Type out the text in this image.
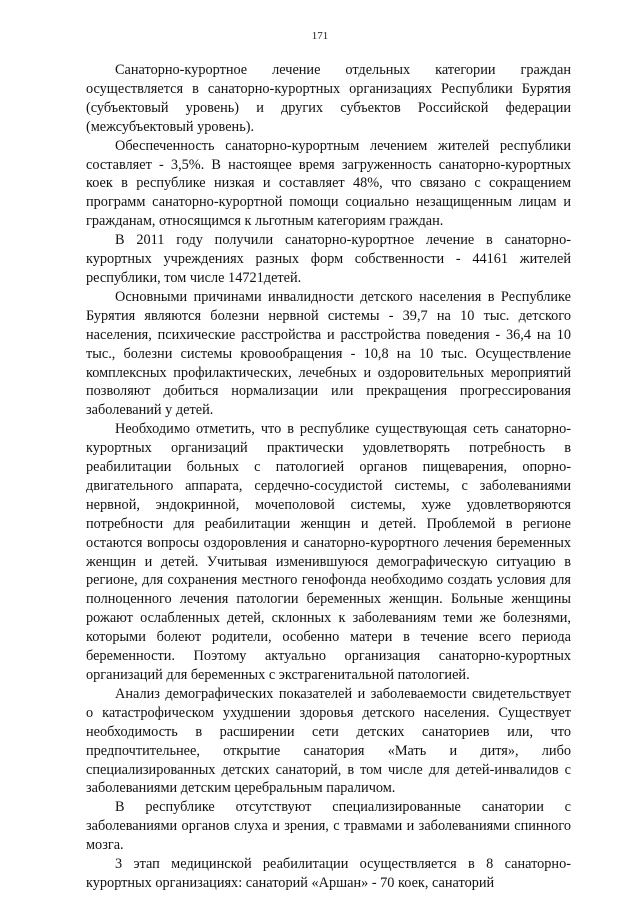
171

Санаторно-курортное лечение отдельных категории граждан осуществляется в санаторно-курортных организациях Республики Бурятия (субъектовый уровень) и других субъектов Российской федерации (межсубъектовый уровень).

Обеспеченность санаторно-курортным лечением жителей республики составляет - 3,5%. В настоящее время загруженность санаторно-курортных коек в республике низкая и составляет 48%, что связано с сокращением программ санаторно-курортной помощи социально незащищенным лицам и гражданам, относящимся к льготным категориям граждан.

В 2011 году получили санаторно-курортное лечение в санаторно-курортных учреждениях разных форм собственности - 44161 жителей республики, том числе 14721детей.

Основными причинами инвалидности детского населения в Республике Бурятия являются болезни нервной системы - 39,7 на 10 тыс. детского населения, психические расстройства и расстройства поведения - 36,4 на 10 тыс., болезни системы кровообращения - 10,8 на 10 тыс. Осуществление комплексных профилактических, лечебных и оздоровительных мероприятий позволяют добиться нормализации или прекращения прогрессирования заболеваний у детей.

Необходимо отметить, что в республике существующая сеть санаторно- курортных организаций практически удовлетворять потребность в реабилитации больных с патологией органов пищеварения, опорно- двигательного аппарата, сердечно-сосудистой системы, с заболеваниями нервной, эндокринной, мочеполовой системы, хуже удовлетворяются потребности для реабилитации женщин и детей. Проблемой в регионе остаются вопросы оздоровления и санаторно-курортного лечения беременных женщин и детей. Учитывая изменившуюся демографическую ситуацию в регионе, для сохранения местного генофонда необходимо создать условия для полноценного лечения патологии беременных женщин. Больные женщины рожают ослабленных детей, склонных к заболеваниям теми же болезнями, которыми болеют родители, особенно матери в течение всего периода беременности. Поэтому актуально организация санаторно-курортных организаций для беременных с экстрагенитальной патологией.

Анализ демографических показателей и заболеваемости свидетельствует о катастрофическом ухудшении здоровья детского населения. Существует необходимость в расширении сети детских санаториев или, что предпочтительнее, открытие санатория «Мать и дитя», либо специализированных детских санаторий, в том числе для детей-инвалидов с заболеваниями детским церебральным параличом.

В республике отсутствуют специализированные санатории с заболеваниями органов слуха и зрения, с травмами и заболеваниями спинного мозга.

3 этап медицинской реабилитации осуществляется в 8 санаторно-курортных организациях: санаторий «Аршан» - 70 коек, санаторий
